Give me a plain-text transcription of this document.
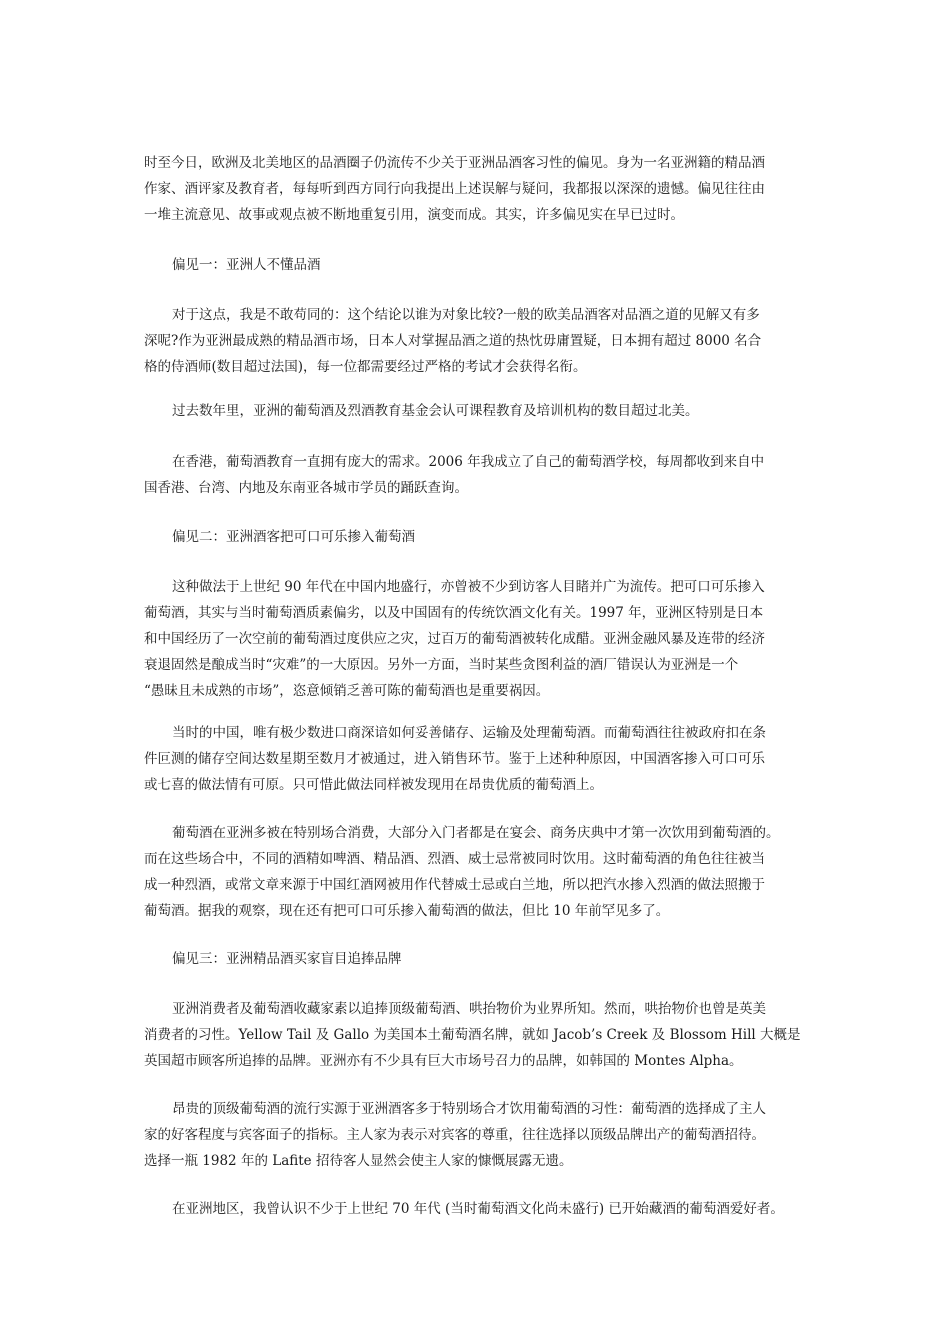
时至今日，欧洲及北美地区的品酒圈子仍流传不少关于亚洲品酒客习性的偏见。身为一名亚洲籍的精品酒
作家、酒评家及教育者，每每听到西方同行向我提出上述误解与疑问，我都报以深深的遗憾。偏见往往由
一堆主流意见、故事或观点被不断地重复引用，演变而成。其实，许多偏见实在早已过时。
偏见一：亚洲人不懂品酒
对于这点，我是不敢苟同的：这个结论以谁为对象比较?一般的欧美品酒客对品酒之道的见解又有多
深呢?作为亚洲最成熟的精品酒市场，日本人对掌握品酒之道的热忱毋庸置疑，日本拥有超过 8000 名合
格的侍酒师(数目超过法国)，每一位都需要经过严格的考试才会获得名衔。
过去数年里，亚洲的葡萄酒及烈酒教育基金会认可课程教育及培训机构的数目超过北美。
在香港，葡萄酒教育一直拥有庞大的需求。2006 年我成立了自己的葡萄酒学校，每周都收到来自中
国香港、台湾、内地及东南亚各城市学员的踊跃查询。
偏见二：亚洲酒客把可口可乐掺入葡萄酒
这种做法于上世纪 90 年代在中国内地盛行，亦曾被不少到访客人目睹并广为流传。把可口可乐掺入
葡萄酒，其实与当时葡萄酒质素偏劣，以及中国固有的传统饮酒文化有关。1997 年，亚洲区特别是日本
和中国经历了一次空前的葡萄酒过度供应之灾，过百万的葡萄酒被转化成醋。亚洲金融风暴及连带的经济
衰退固然是酿成当时“灾难”的一大原因。另外一方面，当时某些贪图利益的酒厂错误认为亚洲是一个
“愚昧且未成熟的市场”，恣意倾销乏善可陈的葡萄酒也是重要祸因。
当时的中国，唯有极少数进口商深谙如何妥善储存、运输及处理葡萄酒。而葡萄酒往往被政府扣在条
件叵测的储存空间达数星期至数月才被通过，进入销售环节。鉴于上述种种原因，中国酒客掺入可口可乐
或七喜的做法情有可原。只可惜此做法同样被发现用在昂贵优质的葡萄酒上。
葡萄酒在亚洲多被在特别场合消费，大部分入门者都是在宴会、商务庆典中才第一次饮用到葡萄酒的。
而在这些场合中，不同的酒精如啤酒、精品酒、烈酒、威士忌常被同时饮用。这时葡萄酒的角色往往被当
成一种烈酒，或常文章来源于中国红酒网被用作代替威士忌或白兰地，所以把汽水掺入烈酒的做法照搬于
葡萄酒。据我的观察，现在还有把可口可乐掺入葡萄酒的做法，但比 10 年前罕见多了。
偏见三：亚洲精品酒买家盲目追捧品牌
亚洲消费者及葡萄酒收藏家素以追捧顶级葡萄酒、哄抬物价为业界所知。然而，哄抬物价也曾是英美
消费者的习性。Yellow Tail 及 Gallo 为美国本土葡萄酒名牌，就如 Jacob’s Creek 及 Blossom Hill 大概是
英国超市顾客所追捧的品牌。亚洲亦有不少具有巨大市场号召力的品牌，如韩国的 Montes Alpha。
昂贵的顶级葡萄酒的流行实源于亚洲酒客多于特别场合才饮用葡萄酒的习性：葡萄酒的选择成了主人
家的好客程度与宾客面子的指标。主人家为表示对宾客的尊重，往往选择以顶级品牌出产的葡萄酒招待。
选择一瓶 1982 年的 Lafite 招待客人显然会使主人家的慷慨展露无遗。
在亚洲地区，我曾认识不少于上世纪 70 年代 (当时葡萄酒文化尚未盛行) 已开始藏酒的葡萄酒爱好者。
